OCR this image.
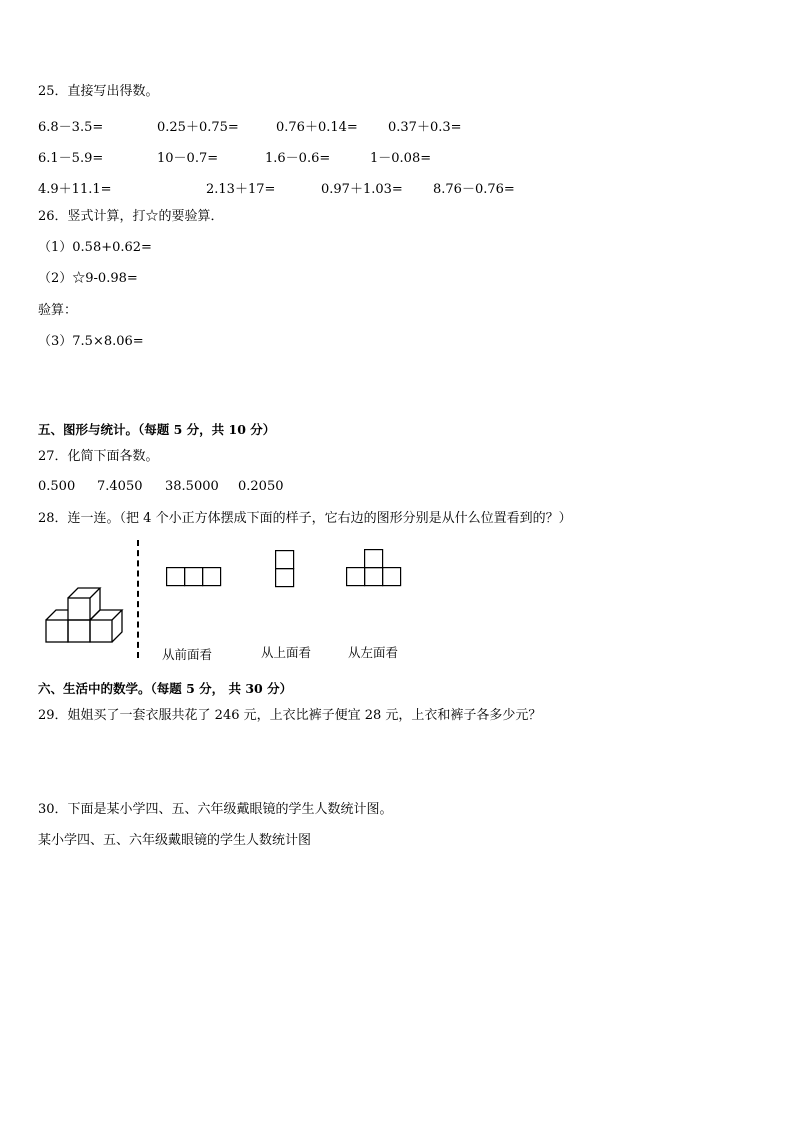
25．直接写出得数。
6.8－3.5=	0.25＋0.75=	0.76＋0.14= 0.37＋0.3=
6.1－5.9=	10－0.7=	1.6－0.6=	1－0.08=
4.9＋11.1=	2.13＋17=	0.97＋1.03= 8.76－0.76=
26．竖式计算，打☆的要验算．
（1）0.58+0.62=
（2）☆9-0.98=
验算：
（3）7.5×8.06=
五、图形与统计。（每题 5 分，共 10 分）
27．化简下面各数。
0.500 7.4050 38.5000 0.2050
28．连一连。（把 4 个小正方体摆成下面的样子，它右边的图形分别是从什么位置看到的？）
从前面看	从上面看	从左面看
六、生活中的数学。（每题 5 分， 共 30 分）
29．姐姐买了一套衣服共花了 246 元，上衣比裤子便宜 28 元，上衣和裤子各多少元？
30．下面是某小学四、五、六年级戴眼镜的学生人数统计图。
某小学四、五、六年级戴眼镜的学生人数统计图
